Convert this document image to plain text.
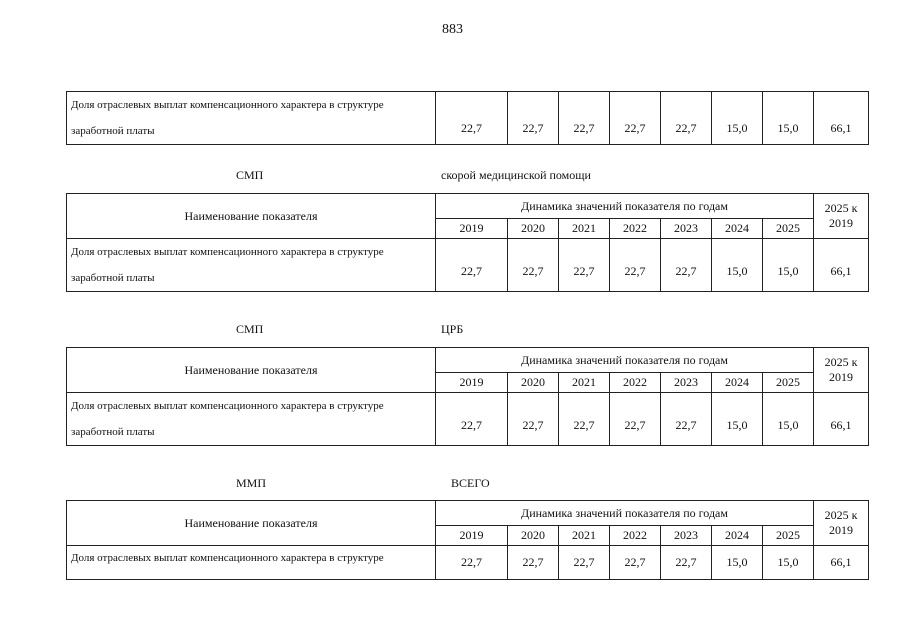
883
Доля отраслевых выплат компенсационного характера в структуре
заработной платы	22,7	22,7	22,7	22,7	22,7	15,0	15,0	66,1
СМП	скорой медицинской помощи
Наименование показателя	Динамика значений показателя по годам							2025 к 2019
	2019	2020	2021	2022	2023	2024	2025	

Доля отраслевых выплат компенсационного характера в структуре
заработной платы	22,7	22,7	22,7	22,7	22,7	15,0	15,0	66,1
СМП	ЦРБ
Наименование показателя	Динамика значений показателя по годам							2025 к 2019
	2019	2020	2021	2022	2023	2024	2025	

Доля отраслевых выплат компенсационного характера в структуре
заработной платы	22,7	22,7	22,7	22,7	22,7	15,0	15,0	66,1
ММП	ВСЕГО
Наименование показателя	Динамика значений показателя по годам							2025 к 2019
	2019	2020	2021	2022	2023	2024	2025	

Доля отраслевых выплат компенсационного характера в структуре	22,7	22,7	22,7	22,7	22,7	15,0	15,0	66,1
